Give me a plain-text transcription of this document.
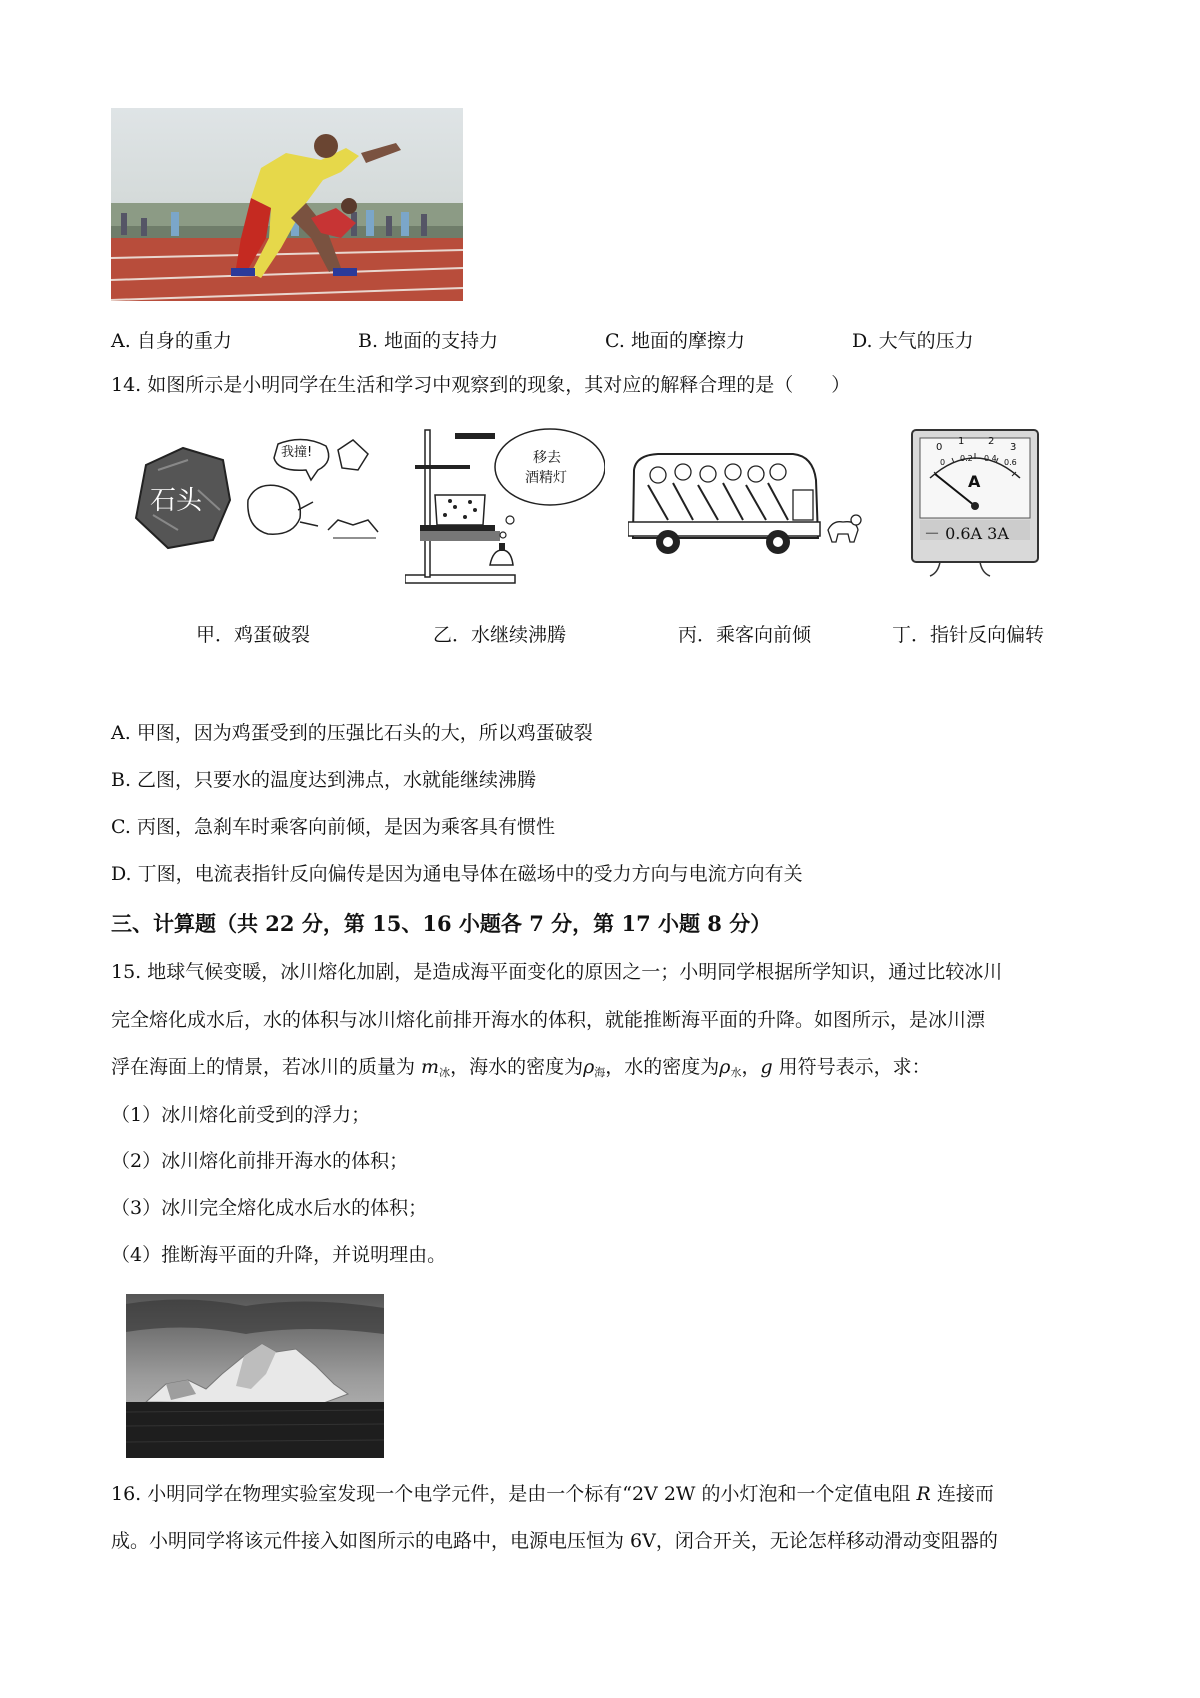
A. 自身的重力	B. 地面的支持力	C. 地面的摩擦力	D. 大气的压力
14. 如图所示是小明同学在生活和学习中观察到的现象，其对应的解释合理的是（　　）
石头
我撞!
甲．鸡蛋破裂
移去
酒精灯
乙．水继续沸腾	丙．乘客向前倾
0
1 2
3
0 0.2 0.4 0.6
A
－ 0.6A 3A
丁．指针反向偏转
A. 甲图，因为鸡蛋受到的压强比石头的大，所以鸡蛋破裂
B. 乙图，只要水的温度达到沸点，水就能继续沸腾
C. 丙图，急刹车时乘客向前倾，是因为乘客具有惯性
D. 丁图，电流表指针反向偏传是因为通电导体在磁场中的受力方向与电流方向有关
三、计算题（共 22 分，第 15、16 小题各 7 分，第 17 小题 8 分）
15. 地球气候变暖，冰川熔化加剧，是造成海平面变化的原因之一；小明同学根据所学知识，通过比较冰川
完全熔化成水后，水的体积与冰川熔化前排开海水的体积，就能推断海平面的升降。如图所示，是冰川漂
浮在海面上的情景，若冰川的质量为 $m_冰$，海水的密度为$\rho_海$，水的密度为$\rho_水$，g 用符号表示，求：
（1）冰川熔化前受到的浮力；
（2）冰川熔化前排开海水的体积；
（3）冰川完全熔化成水后水的体积；
（4）推断海平面的升降，并说明理由。
16. 小明同学在物理实验室发现一个电学元件，是由一个标有“2V 2W 的小灯泡和一个定值电阻 R 连接而
成。小明同学将该元件接入如图所示的电路中，电源电压恒为 6V，闭合开关，无论怎样移动滑动变阻器的
